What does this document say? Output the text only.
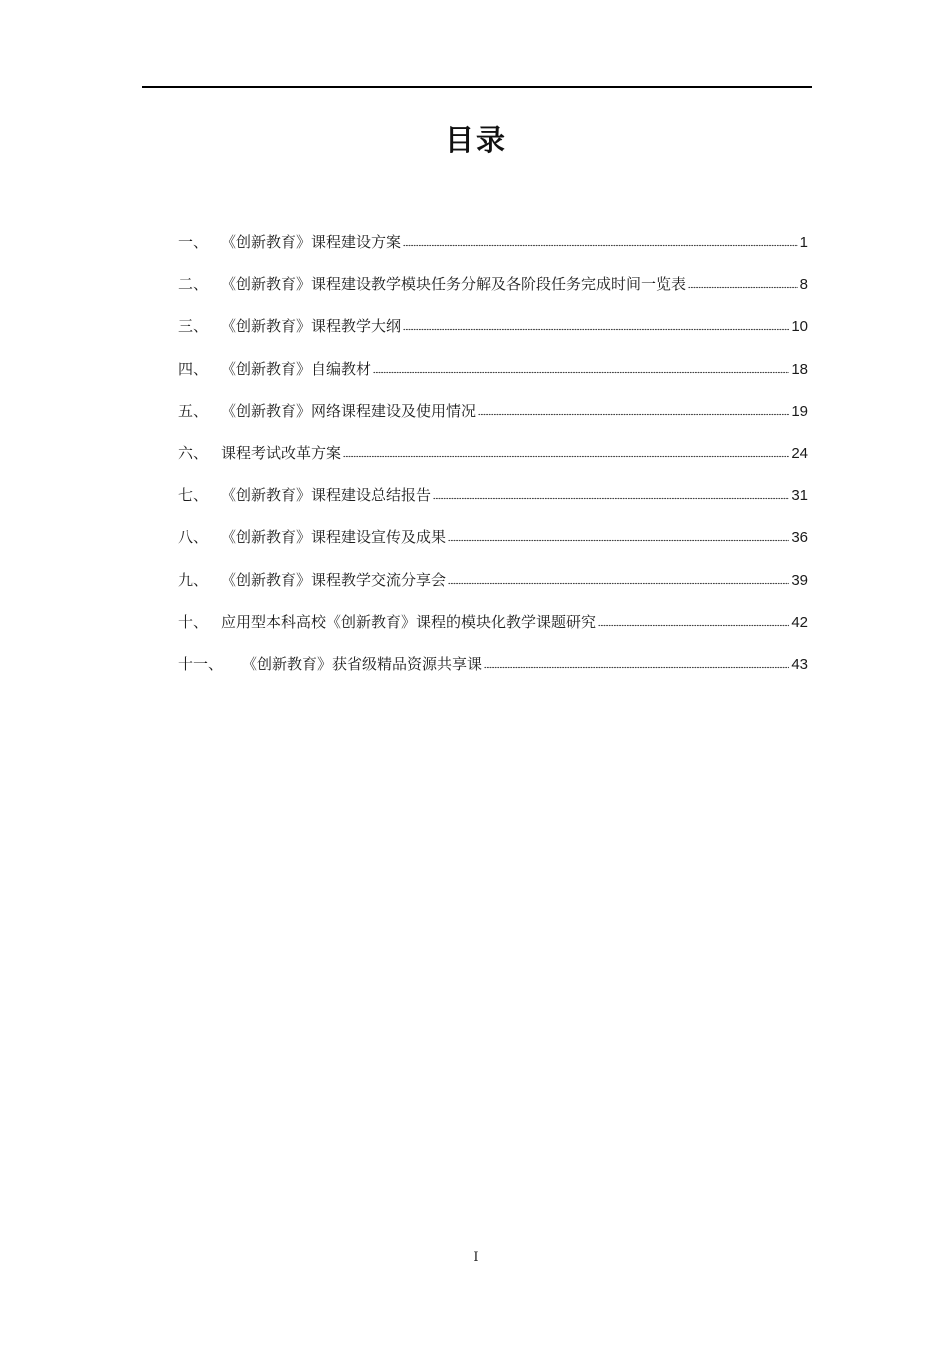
目录
一、 《创新教育》课程建设方案	1
二、 《创新教育》课程建设教学模块任务分解及各阶段任务完成时间一览表	8
三、 《创新教育》课程教学大纲	10
四、 《创新教育》自编教材	18
五、 《创新教育》网络课程建设及使用情况	19
六、 课程考试改革方案	24
七、 《创新教育》课程建设总结报告	31
八、 《创新教育》课程建设宣传及成果	36
九、 《创新教育》课程教学交流分享会	39
十、 应用型本科高校《创新教育》课程的模块化教学课题研究	42
十一、	《创新教育》获省级精品资源共享课	43
I
